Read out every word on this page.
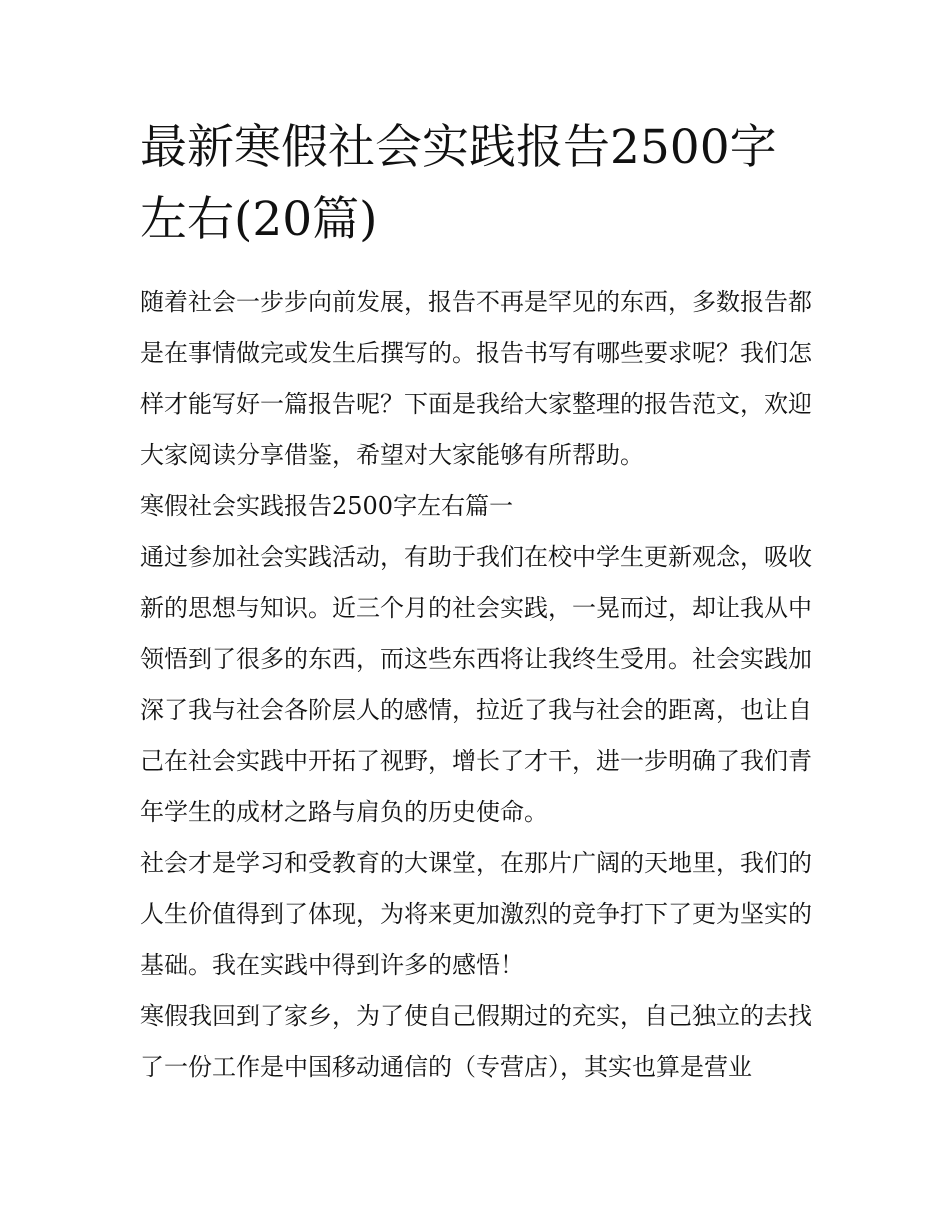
最新寒假社会实践报告2500字
左右(20篇)

随着社会一步步向前发展，报告不再是罕见的东西，多数报告都是在事情做完或发生后撰写的。报告书写有哪些要求呢？我们怎样才能写好一篇报告呢？下面是我给大家整理的报告范文，欢迎大家阅读分享借鉴，希望对大家能够有所帮助。

寒假社会实践报告2500字左右篇一

通过参加社会实践活动，有助于我们在校中学生更新观念，吸收新的思想与知识。近三个月的社会实践，一晃而过，却让我从中领悟到了很多的东西，而这些东西将让我终生受用。社会实践加深了我与社会各阶层人的感情，拉近了我与社会的距离，也让自己在社会实践中开拓了视野，增长了才干，进一步明确了我们青年学生的成材之路与肩负的历史使命。

社会才是学习和受教育的大课堂，在那片广阔的天地里，我们的人生价值得到了体现，为将来更加激烈的竞争打下了更为坚实的基础。我在实践中得到许多的感悟！

寒假我回到了家乡，为了使自己假期过的充实，自己独立的去找了一份工作是中国移动通信的（专营店），其实也算是营业
